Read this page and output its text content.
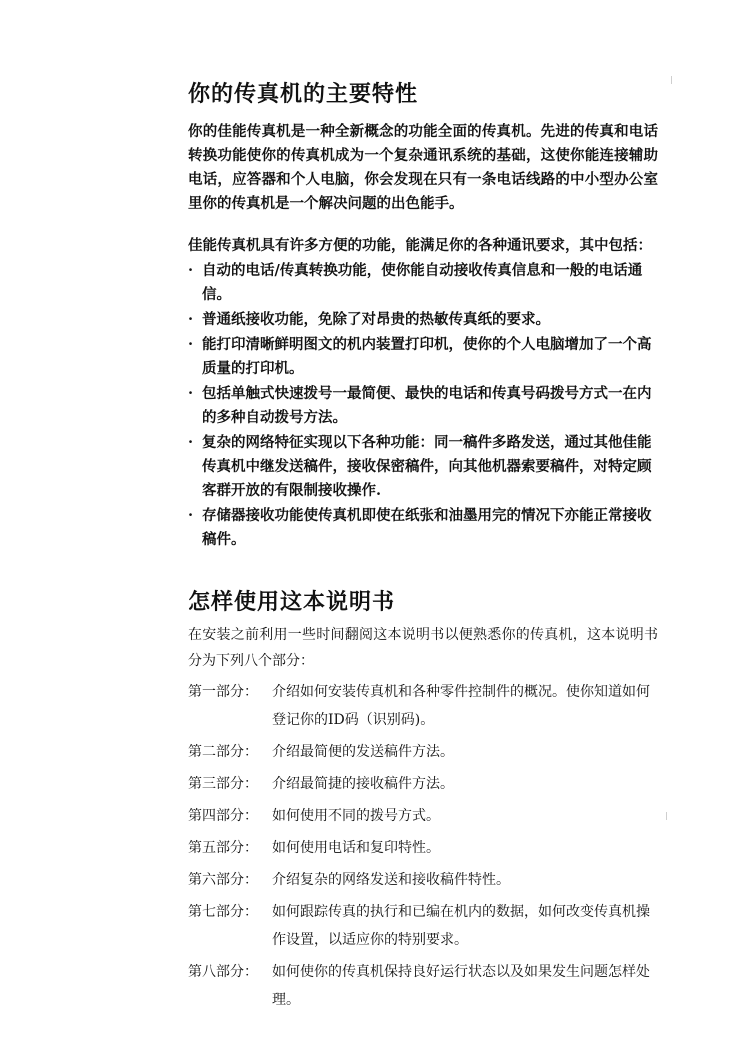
你的传真机的主要特性

你的佳能传真机是一种全新概念的功能全面的传真机。先进的传真和电话转换功能使你的传真机成为一个复杂通讯系统的基础，这使你能连接辅助电话，应答器和个人电脑，你会发现在只有一条电话线路的中小型办公室里你的传真机是一个解决问题的出色能手。

佳能传真机具有许多方便的功能，能满足你的各种通讯要求，其中包括：

· 自动的电话/传真转换功能，使你能自动接收传真信息和一般的电话通信。
· 普通纸接收功能，免除了对昂贵的热敏传真纸的要求。
· 能打印清晰鲜明图文的机内装置打印机，使你的个人电脑增加了一个高质量的打印机。
· 包括单触式快速拨号一最简便、最快的电话和传真号码拨号方式一在内的多种自动拨号方法。
· 复杂的网络特征实现以下各种功能：同一稿件多路发送，通过其他佳能传真机中继发送稿件，接收保密稿件，向其他机器索要稿件，对特定顾客群开放的有限制接收操作.
· 存储器接收功能使传真机即使在纸张和油墨用完的情况下亦能正常接收稿件。
怎样使用这本说明书

在安装之前利用一些时间翻阅这本说明书以便熟悉你的传真机，这本说明书分为下列八个部分：

第一部分：	介绍如何安装传真机和各种零件控制件的概况。使你知道如何登记你的ID码（识别码)。
第二部分：	介绍最简便的发送稿件方法。
第三部分：	介绍最简捷的接收稿件方法。
第四部分：	如何使用不同的拨号方式。
第五部分：	如何使用电话和复印特性。
第六部分：	介绍复杂的网络发送和接收稿件特性。
第七部分：	如何跟踪传真的执行和已编在机内的数据，如何改变传真机操作设置，以适应你的特别要求。
第八部分：	如何使你的传真机保持良好运行状态以及如果发生问题怎样处理。
